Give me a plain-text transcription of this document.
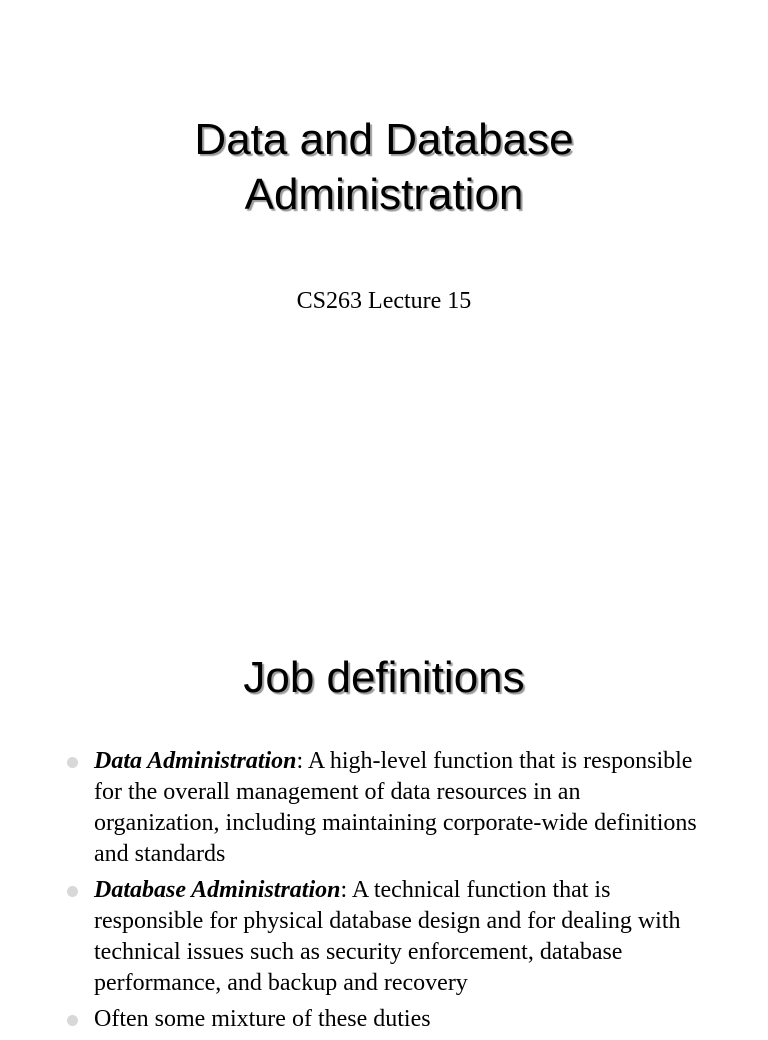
Data and Database
Administration
CS263 Lecture 15
Job definitions
Data Administration: A high-level function that is responsible for the overall management of data resources in an organization, including maintaining corporate-wide definitions and standards
Database Administration: A technical function that is responsible for physical database design and for dealing with technical issues such as security enforcement, database performance, and backup and recovery
Often some mixture of these duties
